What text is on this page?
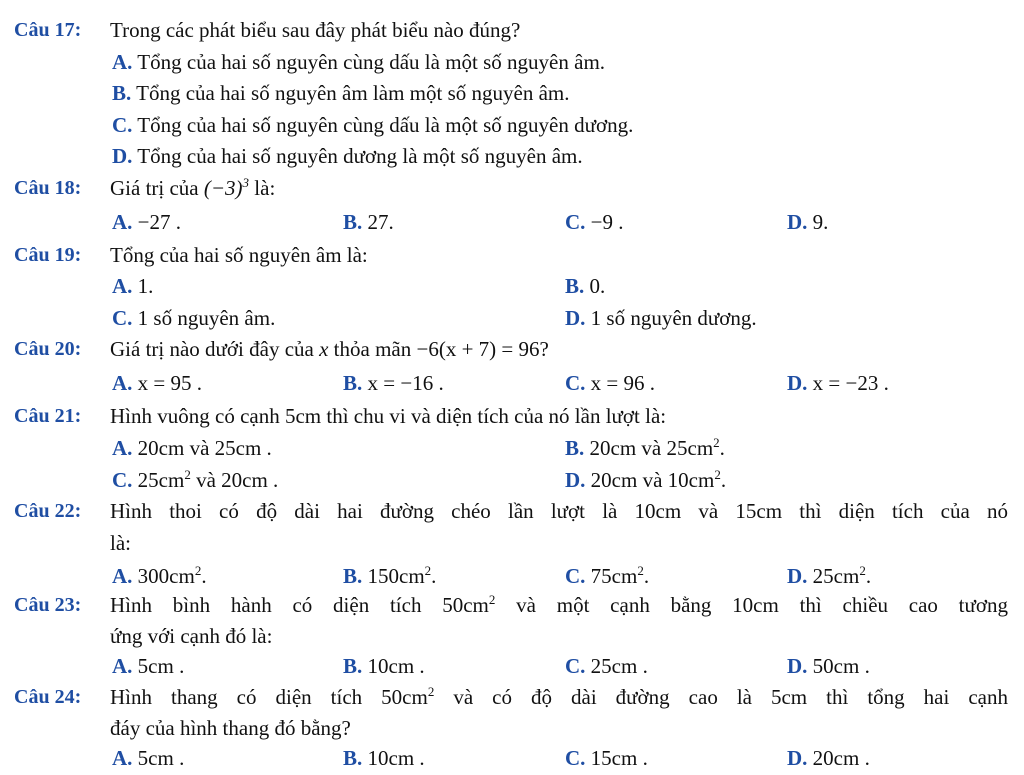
Câu 17: Trong các phát biểu sau đây phát biểu nào đúng?
A. Tổng của hai số nguyên cùng dấu là một số nguyên âm.
B. Tổng của hai số nguyên âm làm một số nguyên âm.
C. Tổng của hai số nguyên cùng dấu là một số nguyên dương.
D. Tổng của hai số nguyên dương là một số nguyên âm.
Câu 18: Giá trị của $(-3)^3$ là:
A. −27 .	B. 27.	C. −9 .	D. 9.
Câu 19: Tổng của hai số nguyên âm là:
A. 1.	B. 0.
C. 1 số nguyên âm.	D. 1 số nguyên dương.
Câu 20: Giá trị nào dưới đây của x thỏa mãn −6(x + 7) = 96?
A. x = 95 .	B. x = −16 .	C. x = 96 .	D. x = −23 .
Câu 21: Hình vuông có cạnh 5cm thì chu vi và diện tích của nó lần lượt là:
A. 20cm và 25cm .	B. 20cm và $25cm^2$.
C. $25cm^2$ và 20cm .	D. 20cm và $10cm^2$.
Câu 22: Hình thoi có độ dài hai đường chéo lần lượt là 10cm và 15cm thì diện tích của nó
là:
A. $300cm^2$.	B. $150cm^2$.	C. $75cm^2$.	D. $25cm^2$.
Câu 23: Hình bình hành có diện tích $50cm^2$ và một cạnh bằng 10cm thì chiều cao tương
ứng với cạnh đó là:
A. 5cm .	B. 10cm .	C. 25cm .	D. 50cm .
Câu 24: Hình thang có diện tích $50cm^2$ và có độ dài đường cao là 5cm thì tổng hai cạnh
đáy của hình thang đó bằng?
A. 5cm .	B. 10cm .	C. 15cm .	D. 20cm .
